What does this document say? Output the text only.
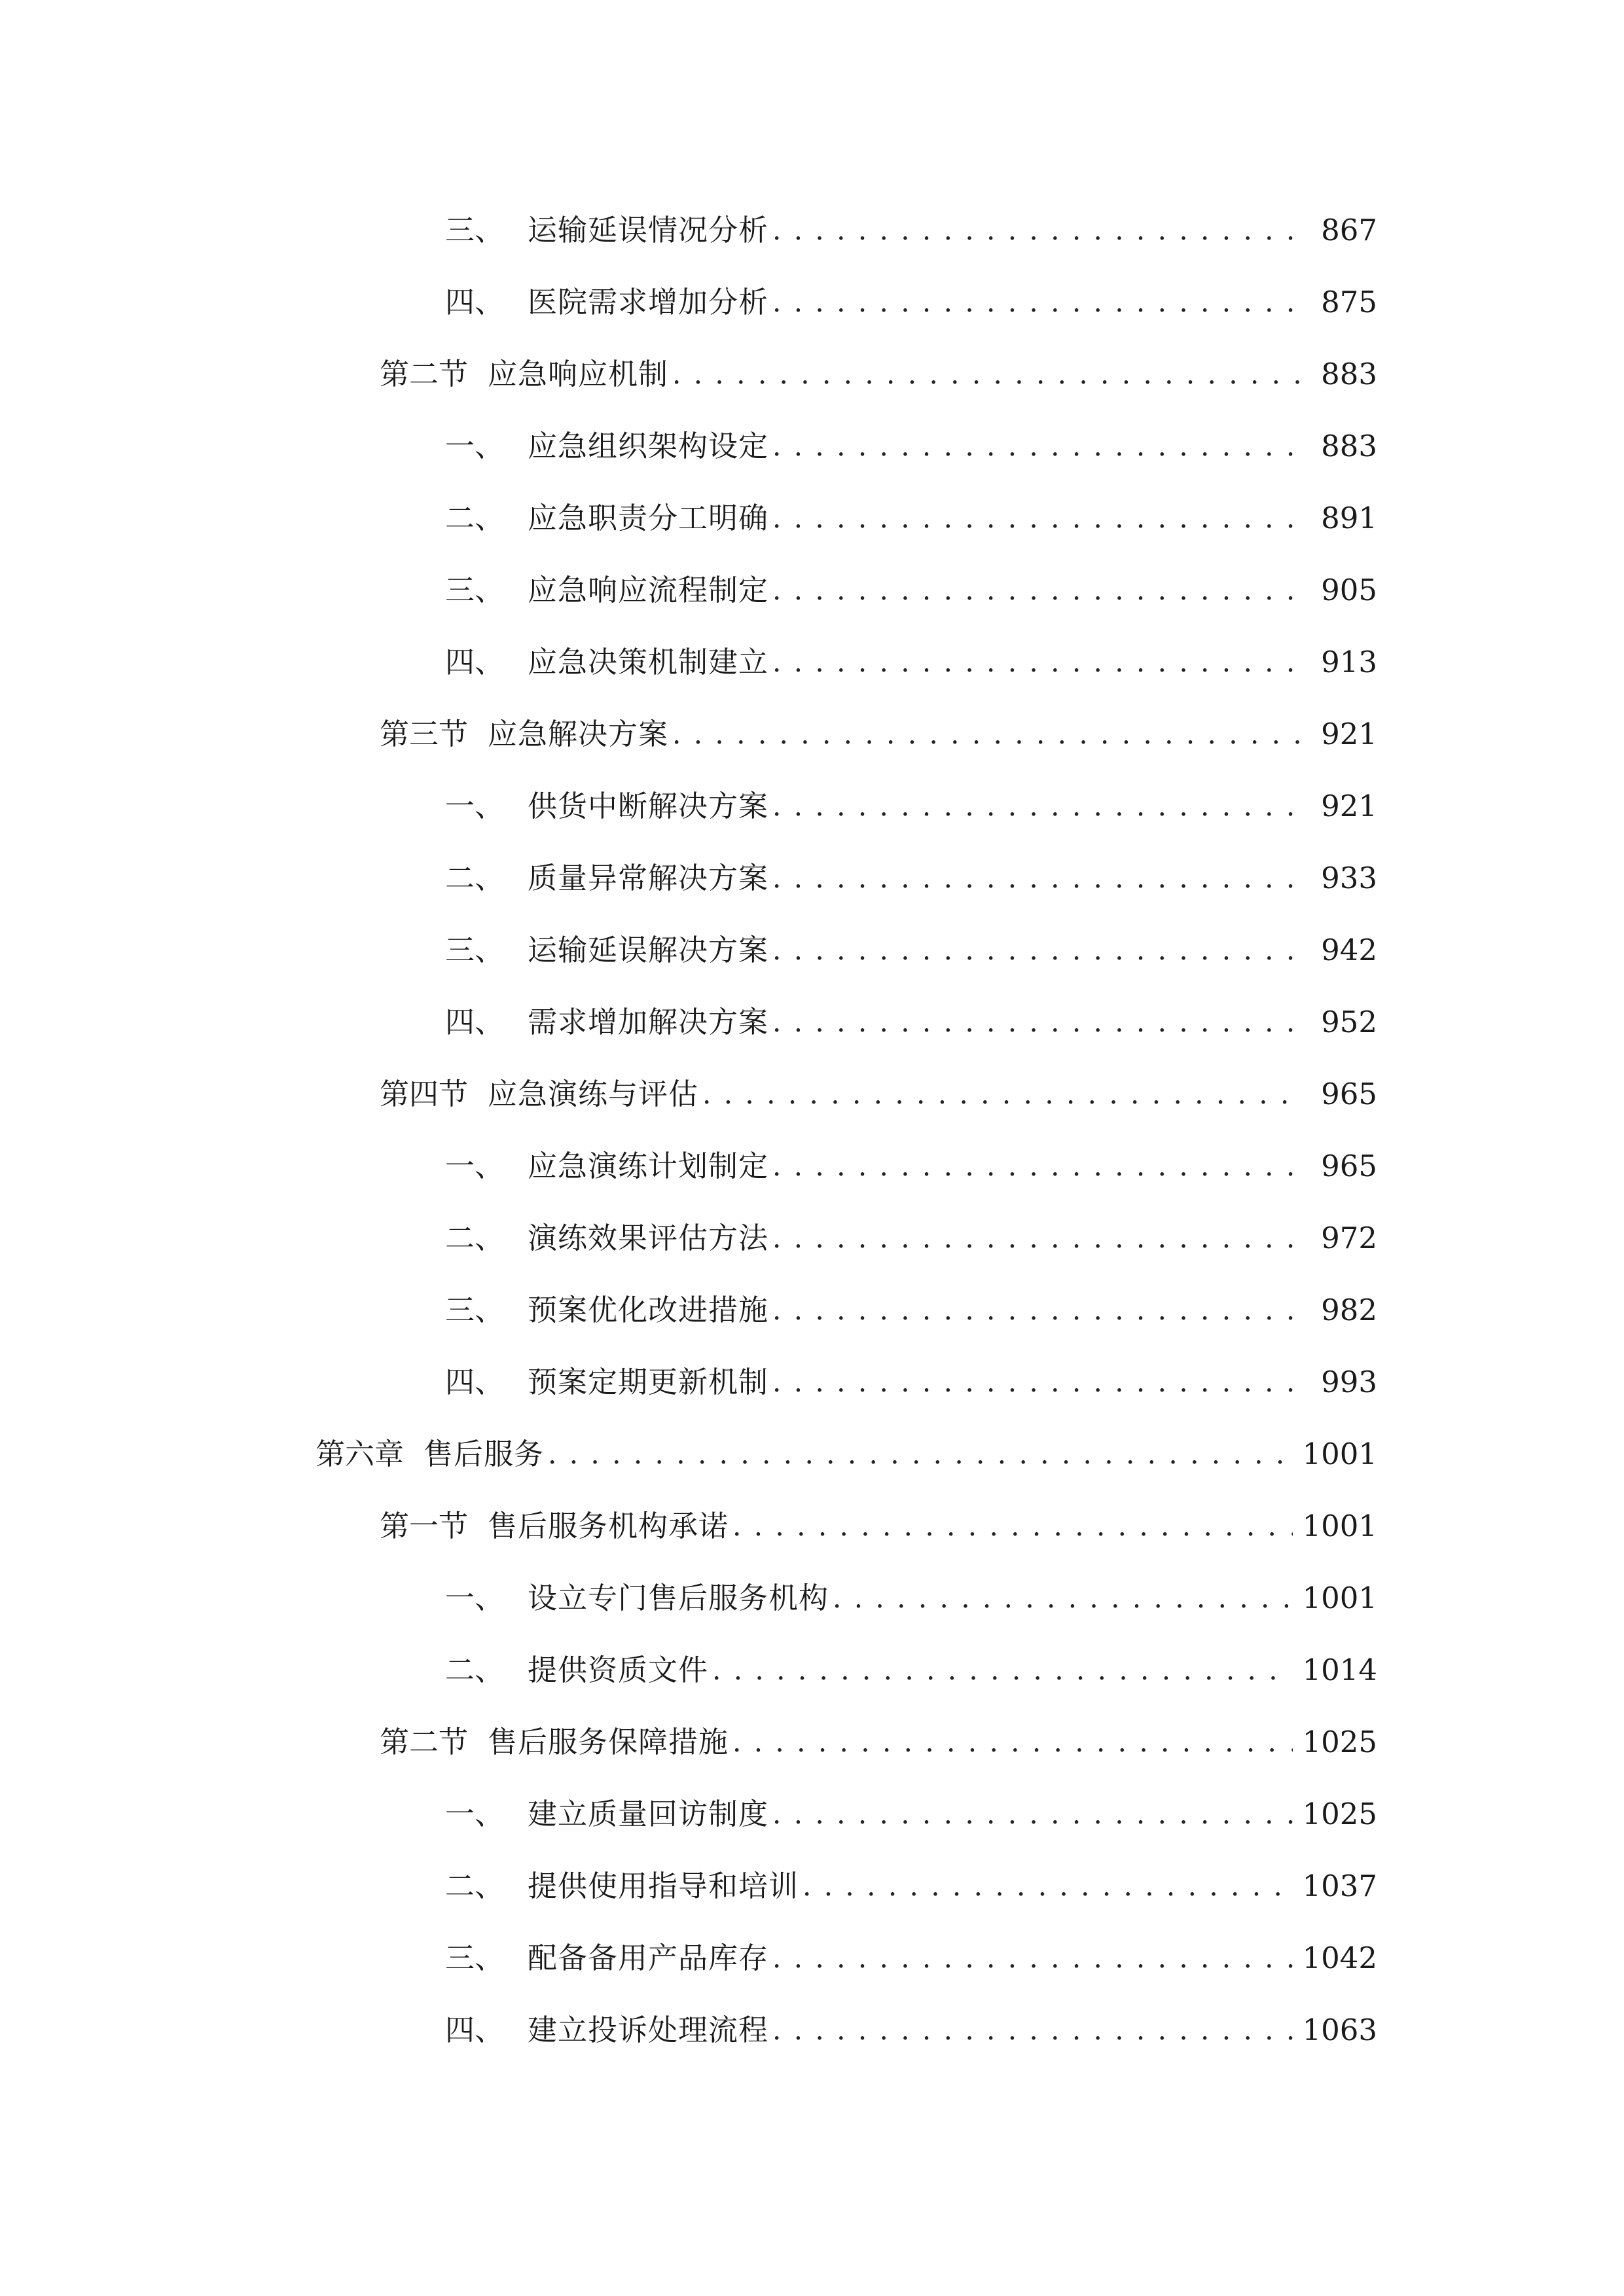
三、 运输延误情况分析 . . .	867
四、 医院需求增加分析 . . .	875
第二节 应急响应机制 . . .	883
一、 应急组织架构设定 . . .	883
二、 应急职责分工明确 . . .	891
三、 应急响应流程制定 . . .	905
四、 应急决策机制建立 . . .	913
第三节 应急解决方案 . . .	921
一、 供货中断解决方案 . . .	921
二、 质量异常解决方案 . . .	933
三、 运输延误解决方案 . . .	942
四、 需求增加解决方案 . . .	952
第四节 应急演练与评估 . . .	965
一、 应急演练计划制定 . . .	965
二、 演练效果评估方法 . . .	972
三、 预案优化改进措施 . . .	982
四、 预案定期更新机制 . . .	993
第六章 售后服务 . . .	1001
第一节 售后服务机构承诺 . . .	1001
一、 设立专门售后服务机构 . . .	1001
二、 提供资质文件 . . .	1014
第二节 售后服务保障措施 . . .	1025
一、 建立质量回访制度 . . .	1025
二、 提供使用指导和培训 . . .	1037
三、 配备备用产品库存 . . .	1042
四、 建立投诉处理流程 . . .	1063
